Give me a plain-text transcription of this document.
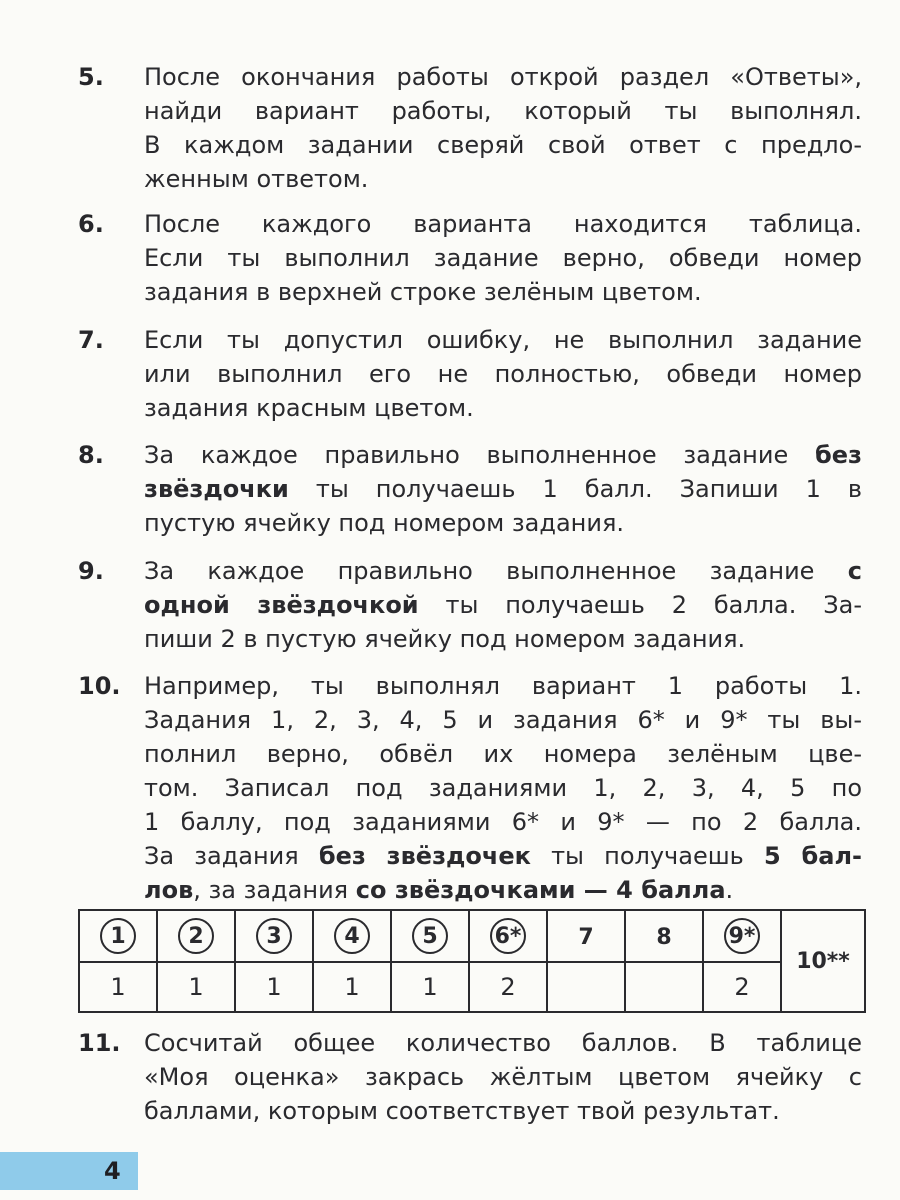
5. После окончания работы открой раздел «Ответы»,
найди вариант работы, который ты выполнял.
В каждом задании сверяй свой ответ с предло-
женным ответом.
6. После каждого варианта находится таблица.
Если ты выполнил задание верно, обведи номер
задания в верхней строке зелёным цветом.
7. Если ты допустил ошибку, не выполнил задание
или выполнил его не полностью, обведи номер
задания красным цветом.
8. За каждое правильно выполненное задание без
звёздочки ты получаешь 1 балл. Запиши 1 в
пустую ячейку под номером задания.
9. За каждое правильно выполненное задание с
одной звёздочкой ты получаешь 2 балла. За-
пиши 2 в пустую ячейку под номером задания.
10. Например, ты выполнял вариант 1 работы 1.
Задания 1, 2, 3, 4, 5 и задания 6* и 9* ты вы-
полнил верно, обвёл их номера зелёным цве-
том. Записал под заданиями 1, 2, 3, 4, 5 по
1 баллу, под заданиями 6* и 9* — по 2 балла.
За задания без звёздочек ты получаешь 5 бал-
лов, за задания со звёздочками — 4 балла.
11. Сосчитай общее количество баллов. В таблице
«Моя оценка» закрась жёлтым цветом ячейку с
баллами, которым соответствует твой результат.
1	2	3	4	5	6*	7	8	9*	10**
1	1	1	1	1	2			2	
4
